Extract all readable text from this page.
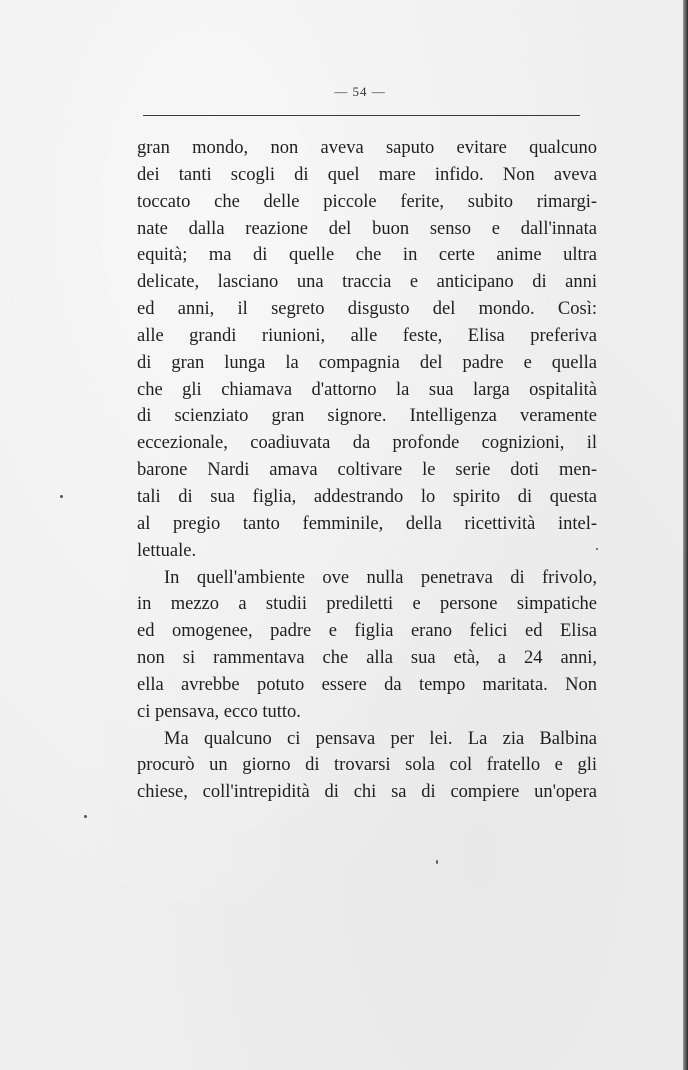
— 54 —
gran mondo, non aveva saputo evitare qualcuno
dei tanti scogli di quel mare infido. Non aveva
toccato che delle piccole ferite, subito rimargi-
nate dalla reazione del buon senso e dall'innata
equità; ma di quelle che in certe anime ultra
delicate, lasciano una traccia e anticipano di anni
ed anni, il segreto disgusto del mondo. Così:
alle grandi riunioni, alle feste, Elisa preferiva
di gran lunga la compagnia del padre e quella
che gli chiamava d'attorno la sua larga ospitalità
di scienziato gran signore. Intelligenza veramente
eccezionale, coadiuvata da profonde cognizioni, il
barone Nardi amava coltivare le serie doti men-
tali di sua figlia, addestrando lo spirito di questa
al pregio tanto femminile, della ricettività intel-
lettuale.
In quell'ambiente ove nulla penetrava di frivolo,
in mezzo a studii prediletti e persone simpatiche
ed omogenee, padre e figlia erano felici ed Elisa
non si rammentava che alla sua età, a 24 anni,
ella avrebbe potuto essere da tempo maritata. Non
ci pensava, ecco tutto.
Ma qualcuno ci pensava per lei. La zia Balbina
procurò un giorno di trovarsi sola col fratello e gli
chiese, coll'intrepidità di chi sa di compiere un'opera
